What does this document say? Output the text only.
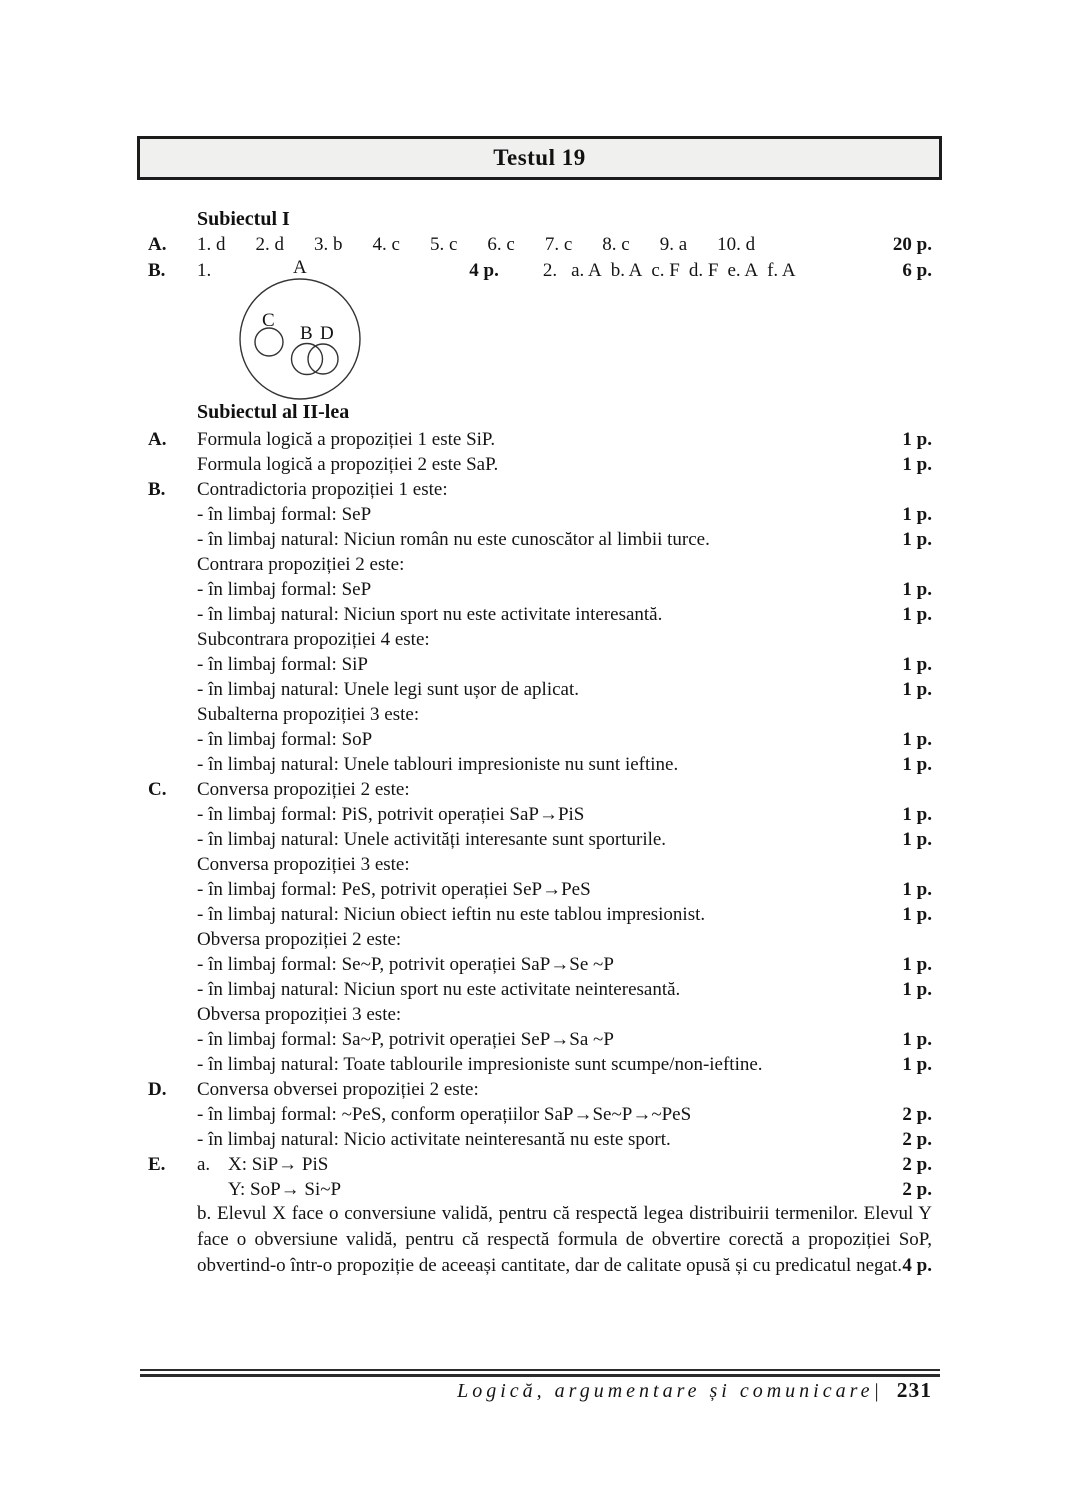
Testul 19
Subiectul I
A.	1. d 2. d 3. b 4. c 5. c 6. c 7. c 8. c 9. a 10. d	20 p.
B.	1.	4 p. 2. a. A b. A c. F d. F e. A f. A	6 p.
A
C
B D
Subiectul al II-lea
A.	Formula logică a propoziției 1 este SiP.	1 p.
Formula logică a propoziției 2 este SaP.	1 p.
B.	Contradictoria propoziției 1 este:
- în limbaj formal: SeP	1 p.
- în limbaj natural: Niciun român nu este cunoscător al limbii turce.	1 p.
Contrara propoziției 2 este:
- în limbaj formal: SeP	1 p.
- în limbaj natural: Niciun sport nu este activitate interesantă.	1 p.
Subcontrara propoziției 4 este:
- în limbaj formal: SiP	1 p.
- în limbaj natural: Unele legi sunt ușor de aplicat.	1 p.
Subalterna propoziției 3 este:
- în limbaj formal: SoP	1 p.
- în limbaj natural: Unele tablouri impresioniste nu sunt ieftine.	1 p.
C.	Conversa propoziției 2 este:
- în limbaj formal: PiS, potrivit operației SaP→PiS	1 p.
- în limbaj natural: Unele activități interesante sunt sporturile.	1 p.
Conversa propoziției 3 este:
- în limbaj formal: PeS, potrivit operației SeP→PeS	1 p.
- în limbaj natural: Niciun obiect ieftin nu este tablou impresionist.	1 p.
Obversa propoziției 2 este:
- în limbaj formal: Se~P, potrivit operației SaP→Se ~P	1 p.
- în limbaj natural: Niciun sport nu este activitate neinteresantă.	1 p.
Obversa propoziției 3 este:
- în limbaj formal: Sa~P, potrivit operației SeP→Sa ~P	1 p.
- în limbaj natural: Toate tablourile impresioniste sunt scumpe/non-ieftine.	1 p.
D.	Conversa obversei propoziției 2 este:
- în limbaj formal: ~PeS, conform operațiilor SaP→Se~P→~PeS	2 p.
- în limbaj natural: Nicio activitate neinteresantă nu este sport.	2 p.
E.	a. X: SiP→ PiS	2 p.
Y: SoP→ Si~P	2 p.
b. Elevul X face o conversiune validă, pentru că respectă legea distribuirii termenilor. Elevul Y face o obversiune validă, pentru că respectă formula de obvertire corectă a propoziției SoP, obvertind-o într-o propoziție de aceeași cantitate, dar de calitate opusă și cu predicatul negat. 4 p.
Logică, argumentare și comunicare| 231
